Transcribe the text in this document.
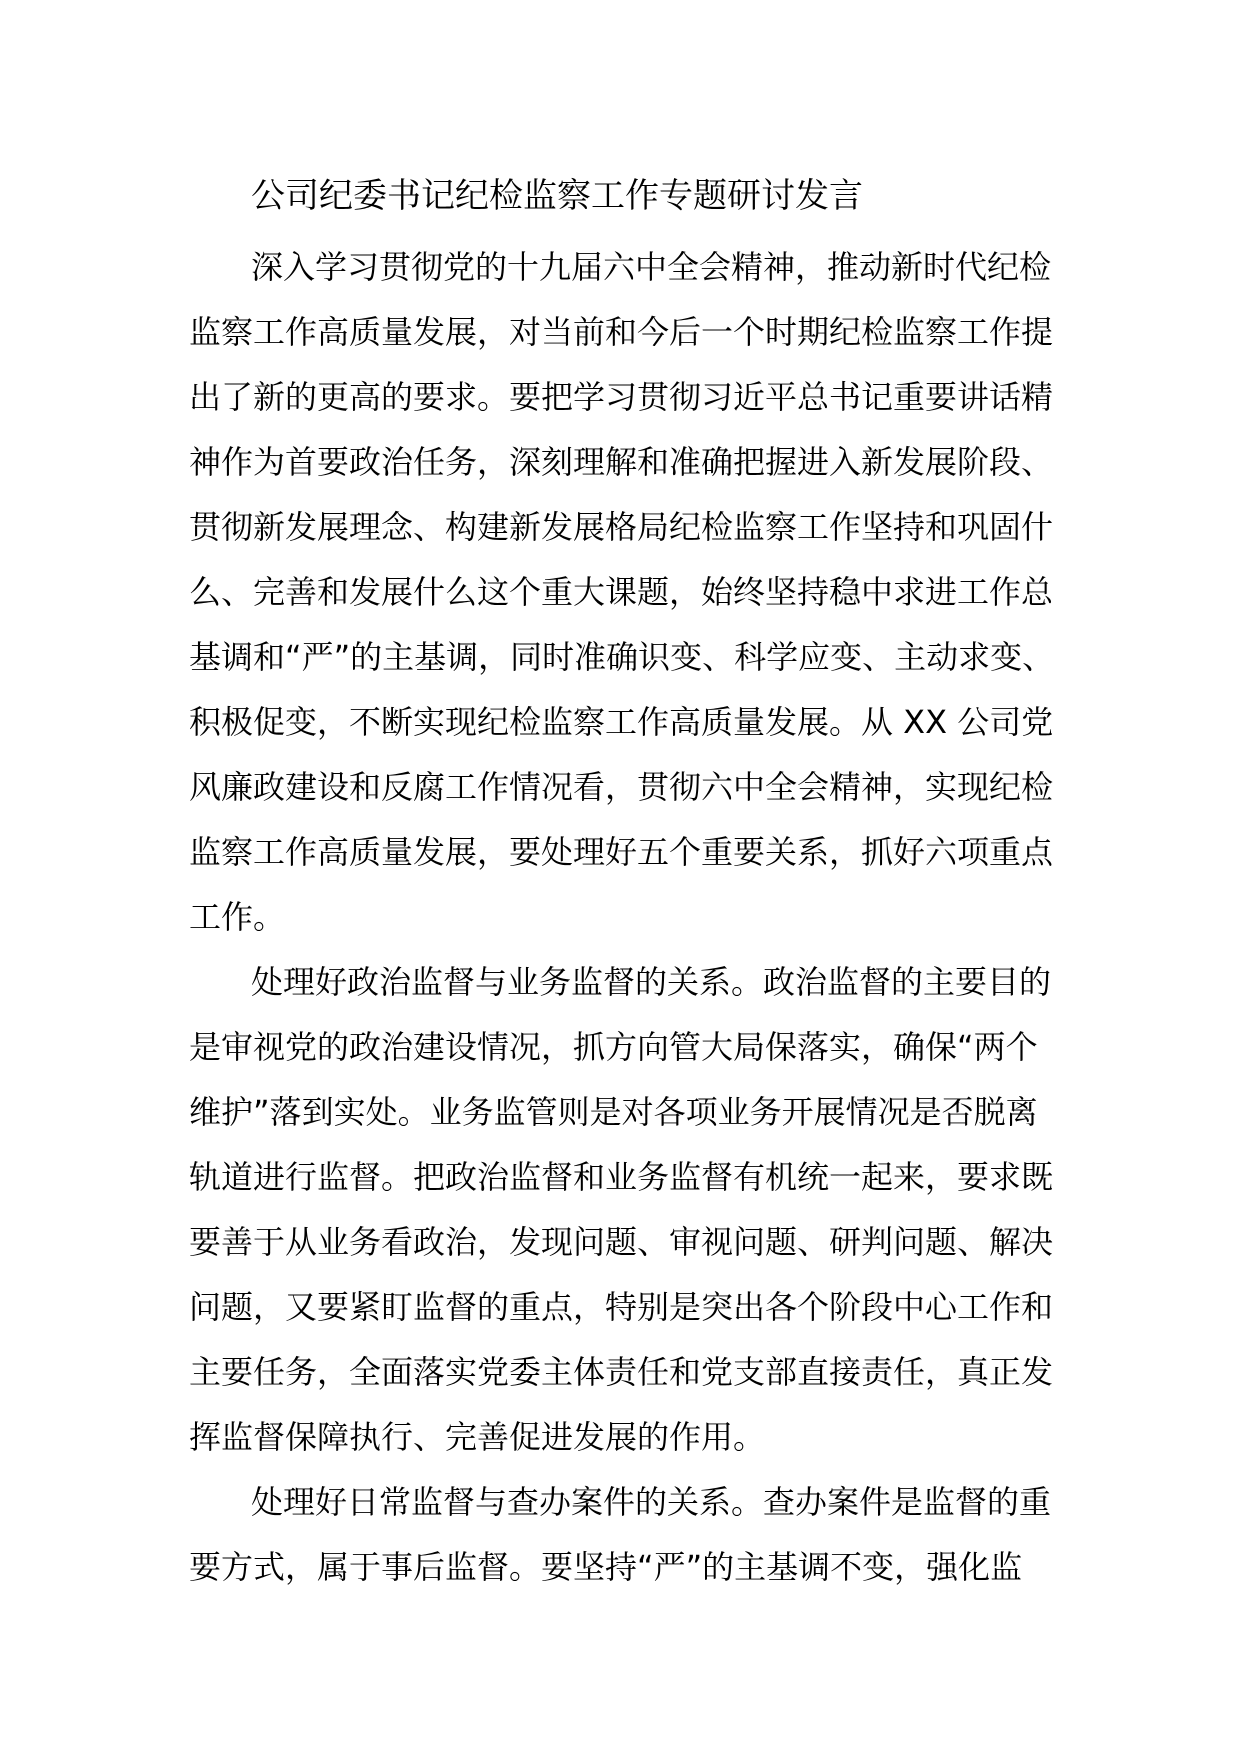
公司纪委书记纪检监察工作专题研讨发言
深入学习贯彻党的十九届六中全会精神，推动新时代纪检
监察工作高质量发展，对当前和今后一个时期纪检监察工作提
出了新的更高的要求。要把学习贯彻习近平总书记重要讲话精
神作为首要政治任务，深刻理解和准确把握进入新发展阶段、
贯彻新发展理念、构建新发展格局纪检监察工作坚持和巩固什
么、完善和发展什么这个重大课题，始终坚持稳中求进工作总
基调和“严”的主基调，同时准确识变、科学应变、主动求变、
积极促变，不断实现纪检监察工作高质量发展。从 XX 公司党
风廉政建设和反腐工作情况看，贯彻六中全会精神，实现纪检
监察工作高质量发展，要处理好五个重要关系，抓好六项重点
工作。
处理好政治监督与业务监督的关系。政治监督的主要目的
是审视党的政治建设情况，抓方向管大局保落实，确保“两个
维护”落到实处。业务监管则是对各项业务开展情况是否脱离
轨道进行监督。把政治监督和业务监督有机统一起来，要求既
要善于从业务看政治，发现问题、审视问题、研判问题、解决
问题，又要紧盯监督的重点，特别是突出各个阶段中心工作和
主要任务，全面落实党委主体责任和党支部直接责任，真正发
挥监督保障执行、完善促进发展的作用。
处理好日常监督与查办案件的关系。查办案件是监督的重
要方式，属于事后监督。要坚持“严”的主基调不变，强化监
